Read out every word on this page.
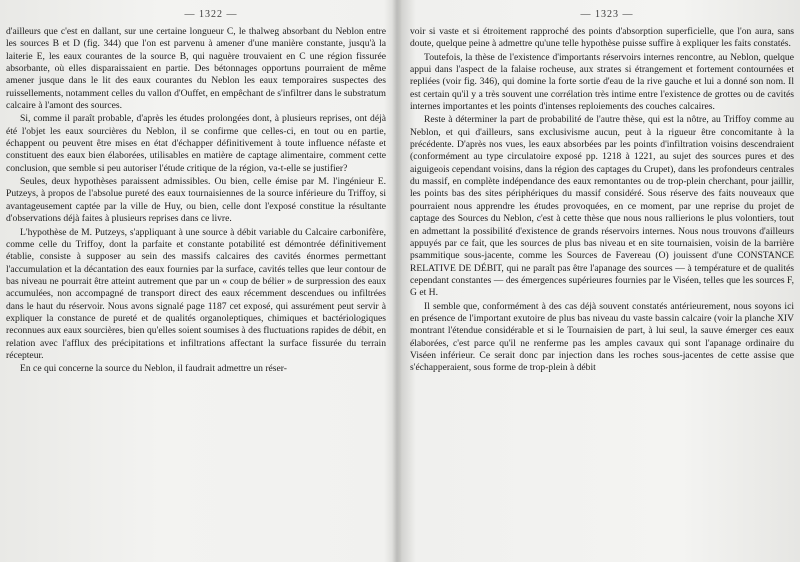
— 1322 —

d'ailleurs que c'est en dallant, sur une certaine longueur C, le thalweg absorbant du Neblon entre les sources B et D (fig. 344) que l'on est parvenu à amener d'une manière constante, jusqu'à la laiterie E, les eaux courantes de la source B, qui naguère trouvaient en C une région fissurée absorbante, où elles disparaissaient en partie. Des bétonnages opportuns pourraient de même amener jusque dans le lit des eaux courantes du Neblon les eaux temporaires suspectes des ruissellements, notamment celles du vallon d'Ouffet, en empêchant de s'infiltrer dans le substratum calcaire à l'amont des sources.

Si, comme il paraît probable, d'après les études prolongées dont, à plusieurs reprises, ont déjà été l'objet les eaux sourcières du Neblon, il se confirme que celles-ci, en tout ou en partie, échappent ou peuvent être mises en état d'échapper définitivement à toute influence néfaste et constituent des eaux bien élaborées, utilisables en matière de captage alimentaire, comment cette conclusion, que semble si peu autoriser l'étude critique de la région, va-t-elle se justifier?

Seules, deux hypothèses paraissent admissibles. Ou bien, celle émise par M. l'ingénieur E. Putzeys, à propos de l'absolue pureté des eaux tournaisiennes de la source inférieure du Triffoy, si avantageusement captée par la ville de Huy, ou bien, celle dont l'exposé constitue la résultante d'observations déjà faites à plusieurs reprises dans ce livre.

L'hypothèse de M. Putzeys, s'appliquant à une source à débit variable du Calcaire carbonifère, comme celle du Triffoy, dont la parfaite et constante potabilité est démontrée définitivement établie, consiste à supposer au sein des massifs calcaires des cavités énormes permettant l'accumulation et la décantation des eaux fournies par la surface, cavités telles que leur contour de bas niveau ne pourrait être atteint autrement que par un « coup de bélier » de surpression des eaux accumulées, non accompagné de transport direct des eaux récemment descendues ou infiltrées dans le haut du réservoir. Nous avons signalé page 1187 cet exposé, qui assurément peut servir à expliquer la constance de pureté et de qualités organoleptiques, chimiques et bactériologiques reconnues aux eaux sourcières, bien qu'elles soient soumises à des fluctuations rapides de débit, en relation avec l'afflux des précipitations et infiltrations affectant la surface fissurée du terrain récepteur.

En ce qui concerne la source du Neblon, il faudrait admettre un réser-

— 1323 —

voir si vaste et si étroitement rapproché des points d'absorption superficielle, que l'on aura, sans doute, quelque peine à admettre qu'une telle hypothèse puisse suffire à expliquer les faits constatés.

Toutefois, la thèse de l'existence d'importants réservoirs internes rencontre, au Neblon, quelque appui dans l'aspect de la falaise rocheuse, aux strates si étrangement et fortement contournées et repliées (voir fig. 346), qui domine la forte sortie d'eau de la rive gauche et lui a donné son nom. Il est certain qu'il y a très souvent une corrélation très intime entre l'existence de grottes ou de cavités internes importantes et les points d'intenses reploiements des couches calcaires.

Reste à déterminer la part de probabilité de l'autre thèse, qui est la nôtre, au Triffoy comme au Neblon, et qui d'ailleurs, sans exclusivisme aucun, peut à la rigueur être concomitante à la précédente. D'après nos vues, les eaux absorbées par les points d'infiltration voisins descendraient (conformément au type circulatoire exposé pp. 1218 à 1221, au sujet des sources pures et des aiguigeois cependant voisins, dans la région des captages du Crupet), dans les profondeurs centrales du massif, en complète indépendance des eaux remontantes ou de trop-plein cherchant, pour jaillir, les points bas des sites périphériques du massif considéré. Sous réserve des faits nouveaux que pourraient nous apprendre les études provoquées, en ce moment, par une reprise du projet de captage des Sources du Neblon, c'est à cette thèse que nous nous rallierions le plus volontiers, tout en admettant la possibilité d'existence de grands réservoirs internes. Nous nous trouvons d'ailleurs appuyés par ce fait, que les sources de plus bas niveau et en site tournaisien, voisin de la barrière psammitique sous-jacente, comme les Sources de Favereau (O) jouissent d'une CONSTANCE RELATIVE DE DÉBIT, qui ne paraît pas être l'apanage des sources — à température et de qualités cependant constantes — des émergences supérieures fournies par le Viséen, telles que les sources F, G et H.

Il semble que, conformément à des cas déjà souvent constatés antérieurement, nous soyons ici en présence de l'important exutoire de plus bas niveau du vaste bassin calcaire (voir la planche XIV montrant l'étendue considérable et si le Tournaisien de part, à lui seul, la sauve émerger ces eaux élaborées, c'est parce qu'il ne renferme pas les amples cavaux qui sont l'apanage ordinaire du Viséen inférieur. Ce serait donc par injection dans les roches sous-jacentes de cette assise que s'échapperaient, sous forme de trop-plein à débit
